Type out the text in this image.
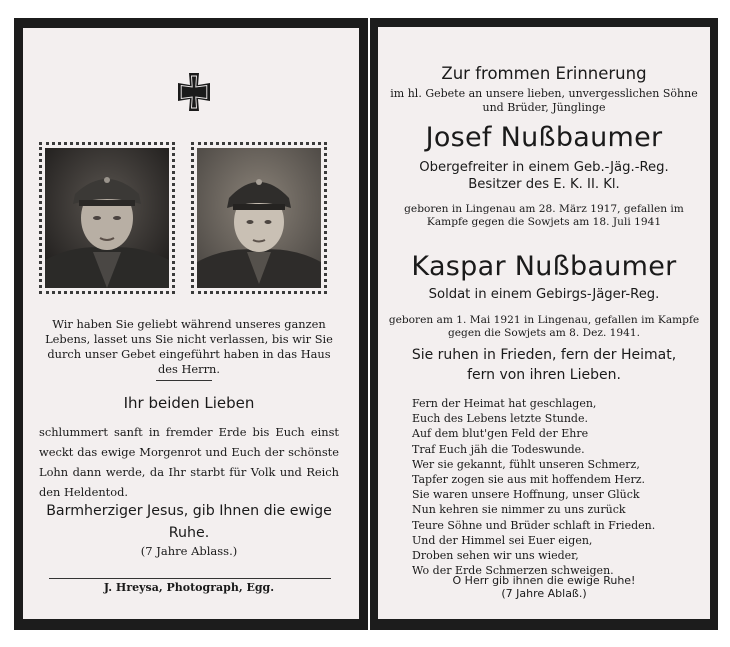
Wir haben Sie geliebt während unseres ganzen Lebens, lasset uns Sie nicht verlassen, bis wir Sie durch unser Gebet eingeführt haben in das Haus des Herrn.

Ihr beiden Lieben

schlummert sanft in fremder Erde bis Euch einst weckt das ewige Morgenrot und Euch der schönste Lohn dann werde, da Ihr starbt für Volk und Reich den Heldentod.

Barmherziger Jesus, gib Ihnen die ewige Ruhe.

(7 Jahre Ablass.)

J. Hreysa, Photograph, Egg.

Zur frommen Erinnerung

im hl. Gebete an unsere lieben, unvergesslichen Söhne und Brüder, Jünglinge

Josef Nußbaumer

Obergefreiter in einem Geb.-Jäg.-Reg.
Besitzer des E. K. II. Kl.

geboren in Lingenau am 28. März 1917, gefallen im Kampfe gegen die Sowjets am 18. Juli 1941

Kaspar Nußbaumer

Soldat in einem Gebirgs-Jäger-Reg.

geboren am 1. Mai 1921 in Lingenau, gefallen im Kampfe gegen die Sowjets am 8. Dez. 1941.

Sie ruhen in Frieden, fern der Heimat,
fern von ihren Lieben.
Fern der Heimat hat geschlagen,
Euch des Lebens letzte Stunde.
Auf dem blut'gen Feld der Ehre
Traf Euch jäh die Todeswunde.
Wer sie gekannt, fühlt unseren Schmerz,
Tapfer zogen sie aus mit hoffendem Herz.
Sie waren unsere Hoffnung, unser Glück
Nun kehren sie nimmer zu uns zurück
Teure Söhne und Brüder schlaft in Frieden.
Und der Himmel sei Euer eigen,
Droben sehen wir uns wieder,
Wo der Erde Schmerzen schweigen.

O Herr gib ihnen die ewige Ruhe!

(7 Jahre Ablaß.)
